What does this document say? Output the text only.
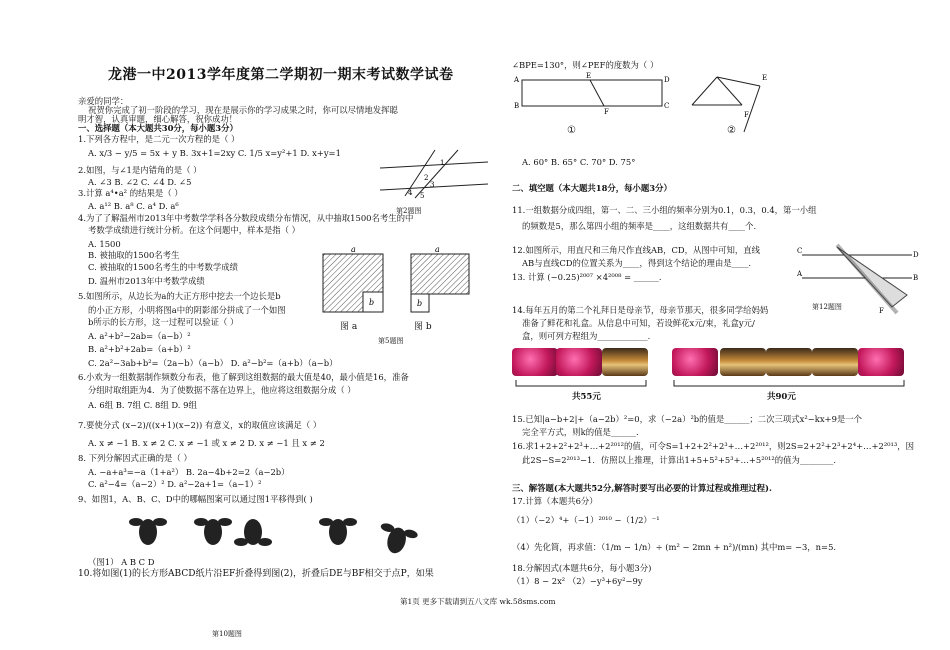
龙港一中2013学年度第二学期初一期末考试数学试卷
亲爱的同学：
祝贺你完成了初一阶段的学习，现在是展示你的学习成果之时，你可以尽情地发挥聪
明才智，认真审题，细心解答，祝你成功！
一、选择题（本大题共30分，每小题3分）
1.下列各方程中，是二元一次方程的是（ ）
A. x/3 − y/5 = 5x + y B. 3x+1=2xy C. 1/5 x=y²+1 D. x+y=1
2.如图，与∠1是内错角的是（ ）
A. ∠3 B. ∠2 C. ∠4 D. ∠5
3.计算 a⁴•a² 的结果是（ ）
A. a¹² B. a⁸ C. a⁴ D. a⁶
4.为了了解温州市2013年中考数学学科各分数段成绩分布情况，从中抽取1500名考生的中
考数学成绩进行统计分析。在这个问题中，样本是指（ ）
A. 1500
B. 被抽取的1500名考生
C. 被抽取的1500名考生的中考数学成绩
D. 温州市2013年中考数学成绩
5.如图所示，从边长为a的大正方形中挖去一个边长是b
的小正方形，小明将图a中的阴影部分拼成了一个如图
b所示的长方形，这一过程可以验证（ ）
A. a²+b²−2ab=（a−b）²
B. a²+b²+2ab=（a+b）²
C. 2a²−3ab+b²=（2a−b）（a−b） D. a²−b²=（a+b）（a−b）
6.小欢为一组数据制作频数分布表，他了解到这组数据的最大值是40，最小值是16，准备
分组时取组距为4．为了使数据不落在边界上，他应将这组数据分成（ ）
A. 6组 B. 7组 C. 8组 D. 9组
7.要使分式 (x−2)/((x+1)(x−2)) 有意义，x的取值应该满足（ ）
A. x ≠ −1 B. x ≠ 2 C. x ≠ −1 或 x ≠ 2 D. x ≠ −1 且 x ≠ 2
8. 下列分解因式正确的是（ ）
A. −a+a³=−a（1+a²） B. 2a−4b+2=2（a−2b）
C. a²−4=（a−2）² D. a²−2a+1=（a−1）²
9、如图1，A、B、C、D中的哪幅图案可以通过图1平移得到( )
（图1） A B C D
10.将如图(1)的长方形ABCD纸片沿EF折叠得到图(2)，折叠后DE与BF相交于点P，如果
1
2
3
4 5
第2题图
a	a
b	b
图 a	图 b
第5题图
∠BPE=130°，则∠PEF的度数为（ ）
A
B
D
C
E
F
E
F
①	②
A. 60° B. 65° C. 70° D. 75°
二、填空题（本大题共18分，每小题3分）
11.一组数据分成四组，第一、二、三小组的频率分别为0.1，0.3，0.4，第一小组
的频数是5，那么第四小组的频率是____，这组数据共有____个.
12.如图所示，用直尺和三角尺作直线AB，CD，从图中可知，直线
AB与直线CD的位置关系为____，得到这个结论的理由是____.
13. 计算 (−0.25)²⁰⁰⁷ ×4²⁰⁰⁸ = ______.
C	D
A	B
F
第12题图
14.每年五月的第二个礼拜日是母亲节，母亲节那天，很多同学给妈妈
准备了鲜花和礼盒。从信息中可知，若设鲜花x元/束，礼盒y元/
盒，则可列方程组为____________.
共55元	共90元
15.已知|a−b+2|+（a−2b）²=0，求（−2a）²b的值是______；二次三项式x²−kx+9是一个
完全平方式，则k的值是______.
16.求1+2+2²+2³+…+2²⁰¹²的值，可令S=1+2+2²+2³+…+2²⁰¹²，则2S=2+2²+2³+2⁴+…+2²⁰¹³，因
此2S−S=2²⁰¹³−1．仿照以上推理，计算出1+5+5²+5³+…+5²⁰¹²的值为________.
三、解答题(本大题共52分,解答时要写出必要的计算过程或推理过程).
17.计算（本题共6分）
（1）（−2）⁴+（−1）²⁰¹⁰ −（1/2）⁻¹
（4）先化简，再求值：（1/m − 1/n）÷ (m² − 2mn + n²)/(mn) 其中m= −3，n=5.
18.分解因式(本题共6分，每小题3分)
（1）8 − 2x² （2）−y³+6y²−9y
第1页 更多下载请到五八文库 wk.58sms.com
第10题图
